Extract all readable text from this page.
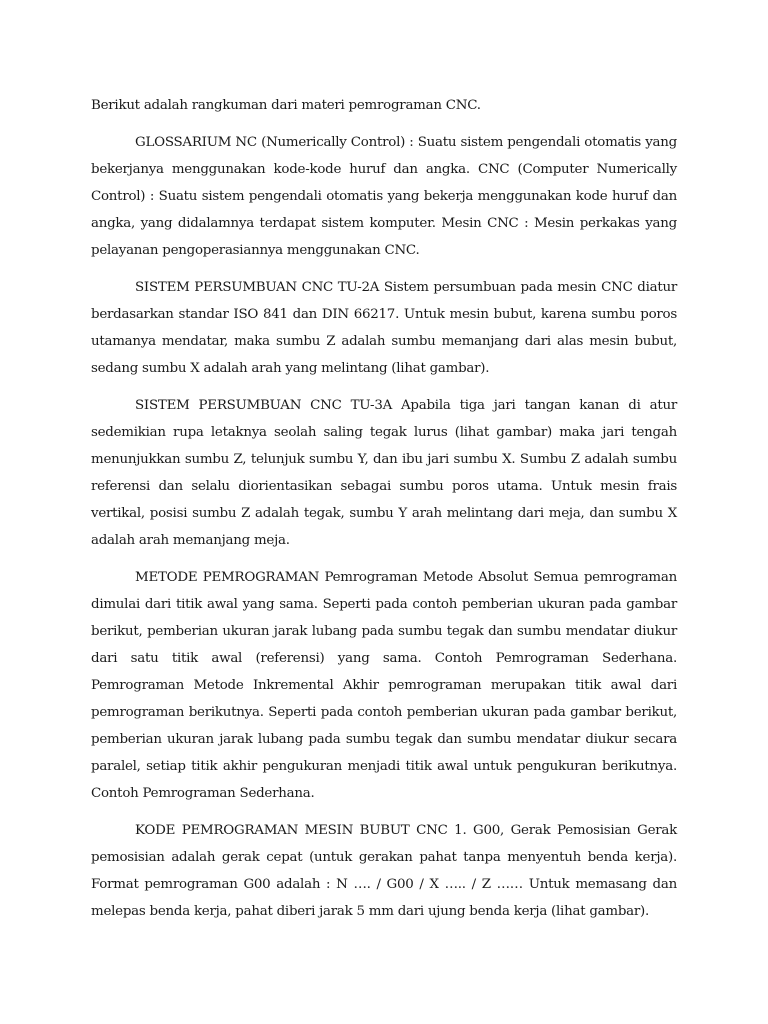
Berikut adalah rangkuman dari materi pemrograman CNC.

GLOSSARIUM NC (Numerically Control) : Suatu sistem pengendali otomatis yang bekerjanya menggunakan kode-kode huruf dan angka. CNC (Computer Numerically Control) : Suatu sistem pengendali otomatis yang bekerja menggunakan kode huruf dan angka, yang didalamnya terdapat sistem komputer. Mesin CNC : Mesin perkakas yang pelayanan pengoperasiannya menggunakan CNC.

SISTEM PERSUMBUAN CNC TU-2A Sistem persumbuan pada mesin CNC diatur berdasarkan standar ISO 841 dan DIN 66217. Untuk mesin bubut, karena sumbu poros utamanya mendatar, maka sumbu Z adalah sumbu memanjang dari alas mesin bubut, sedang sumbu X adalah arah yang melintang (lihat gambar).

SISTEM PERSUMBUAN CNC TU-3A Apabila tiga jari tangan kanan di atur sedemikian rupa letaknya seolah saling tegak lurus (lihat gambar) maka jari tengah menunjukkan sumbu Z, telunjuk sumbu Y, dan ibu jari sumbu X. Sumbu Z adalah sumbu referensi dan selalu diorientasikan sebagai sumbu poros utama. Untuk mesin frais vertikal, posisi sumbu Z adalah tegak, sumbu Y arah melintang dari meja, dan sumbu X adalah arah memanjang meja.

METODE PEMROGRAMAN Pemrograman Metode Absolut Semua pemrograman dimulai dari titik awal yang sama. Seperti pada contoh pemberian ukuran pada gambar berikut, pemberian ukuran jarak lubang pada sumbu tegak dan sumbu mendatar diukur dari satu titik awal (referensi) yang sama. Contoh Pemrograman Sederhana. Pemrograman Metode Inkremental Akhir pemrograman merupakan titik awal dari pemrograman berikutnya. Seperti pada contoh pemberian ukuran pada gambar berikut, pemberian ukuran jarak lubang pada sumbu tegak dan sumbu mendatar diukur secara paralel, setiap titik akhir pengukuran menjadi titik awal untuk pengukuran berikutnya. Contoh Pemrograman Sederhana.

KODE PEMROGRAMAN MESIN BUBUT CNC 1. G00, Gerak Pemosisian Gerak pemosisian adalah gerak cepat (untuk gerakan pahat tanpa menyentuh benda kerja). Format pemrograman G00 adalah : N …. / G00 / X ….. / Z …… Untuk memasang dan melepas benda kerja, pahat diberi jarak 5 mm dari ujung benda kerja (lihat gambar).
